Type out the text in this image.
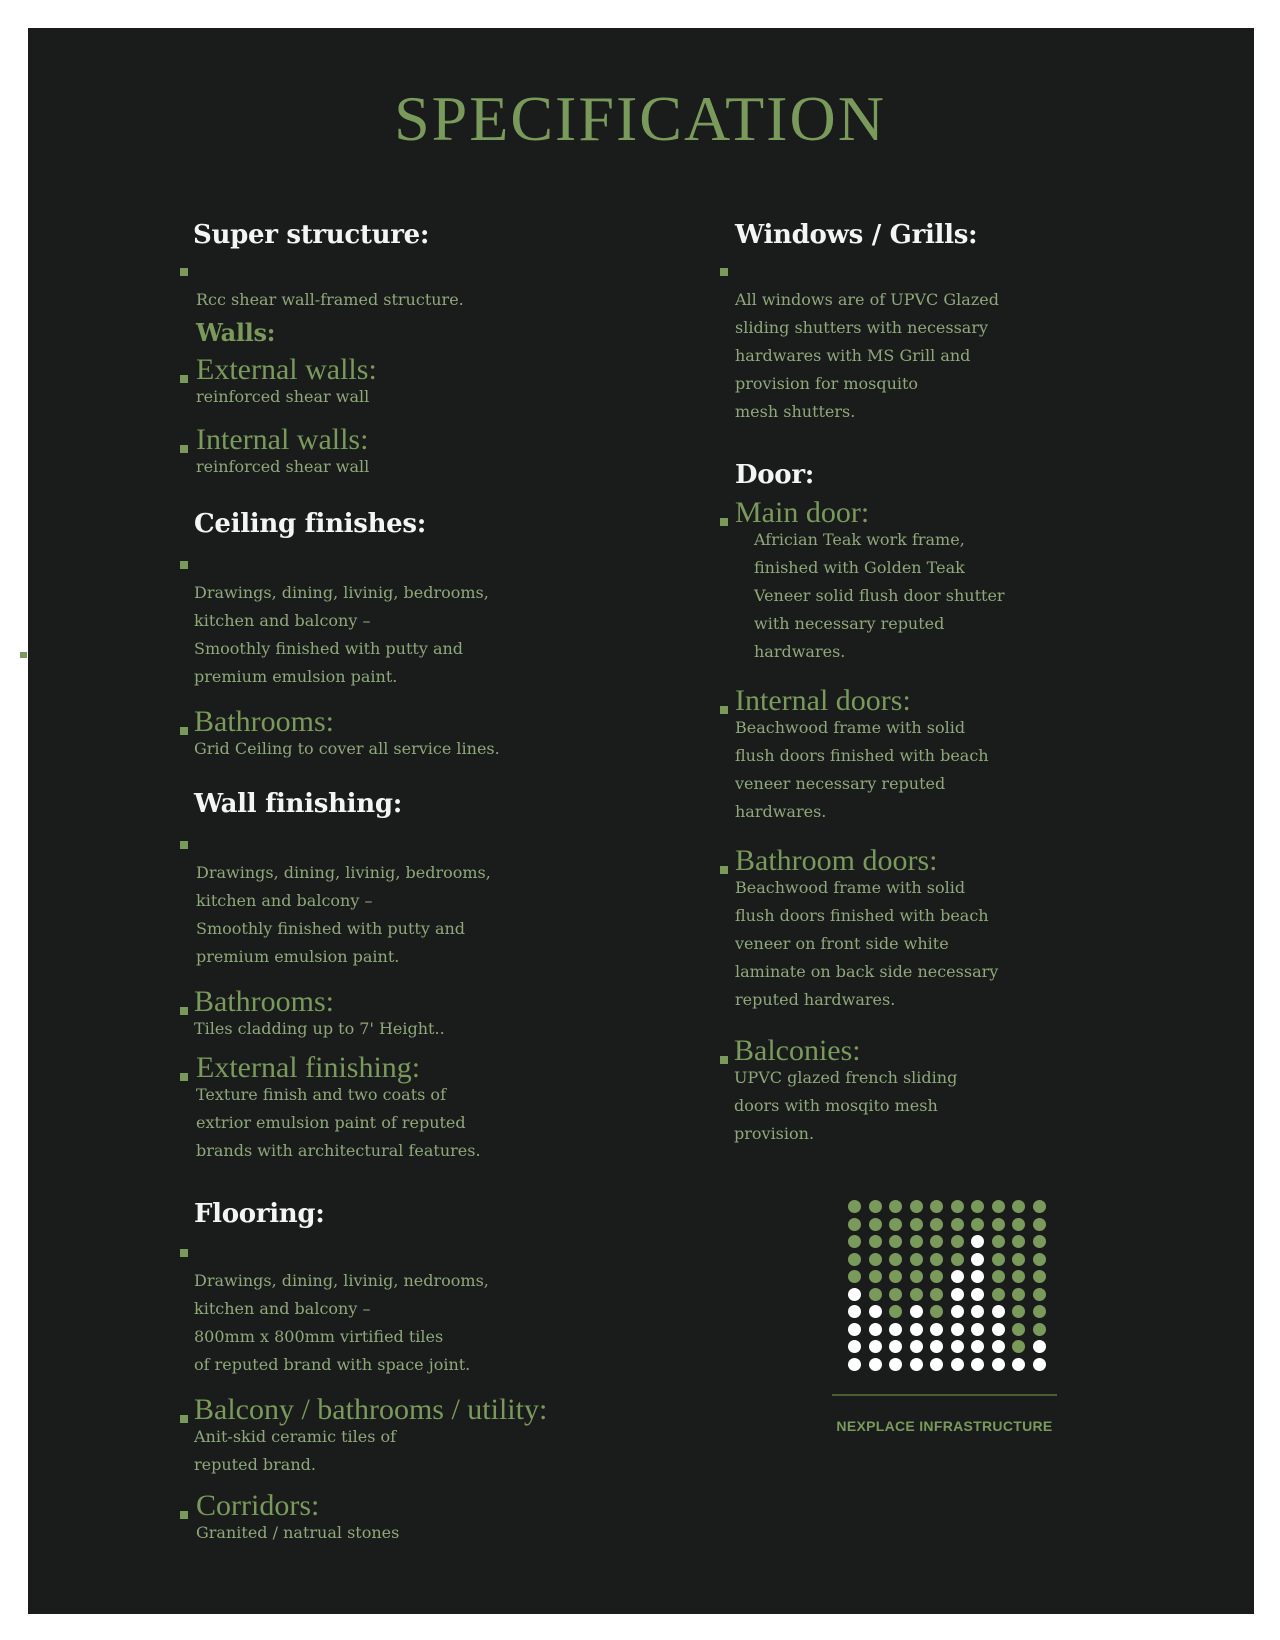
SPECIFICATION
Super structure:

Rcc shear wall-framed structure.

Walls:
External walls:
reinforced shear wall
Internal walls:
reinforced shear wall
Ceiling finishes:

Drawings, dining, livinig, bedrooms,
kitchen and balcony –
Smoothly finished with putty and
premium emulsion paint.

Bathrooms:
Grid Ceiling to cover all service lines.
Wall finishing:

Drawings, dining, livinig, bedrooms,
kitchen and balcony –
Smoothly finished with putty and
premium emulsion paint.

Bathrooms:
Tiles cladding up to 7' Height..
External finishing:
Texture finish and two coats of
extrior emulsion paint of reputed
brands with architectural features.
Flooring:

Drawings, dining, livinig, nedrooms,
kitchen and balcony –
800mm x 800mm virtified tiles
of reputed brand with space joint.

Balcony / bathrooms / utility:
Anit-skid ceramic tiles of
reputed brand.
Corridors:
Granited / natrual stones
Windows / Grills:

All windows are of UPVC Glazed
sliding shutters with necessary
hardwares with MS Grill and
provision for mosquito
mesh shutters.

Door:
Main door:
Africian Teak work frame,
finished with Golden Teak
Veneer solid flush door shutter
with necessary reputed
hardwares.
Internal doors:
Beachwood frame with solid
flush doors finished with beach
veneer necessary reputed
hardwares.
Bathroom doors:
Beachwood frame with solid
flush doors finished with beach
veneer on front side white
laminate on back side necessary
reputed hardwares.
Balconies:
UPVC glazed french sliding
doors with mosqito mesh
provision.
NEXPLACE INFRASTRUCTURE
